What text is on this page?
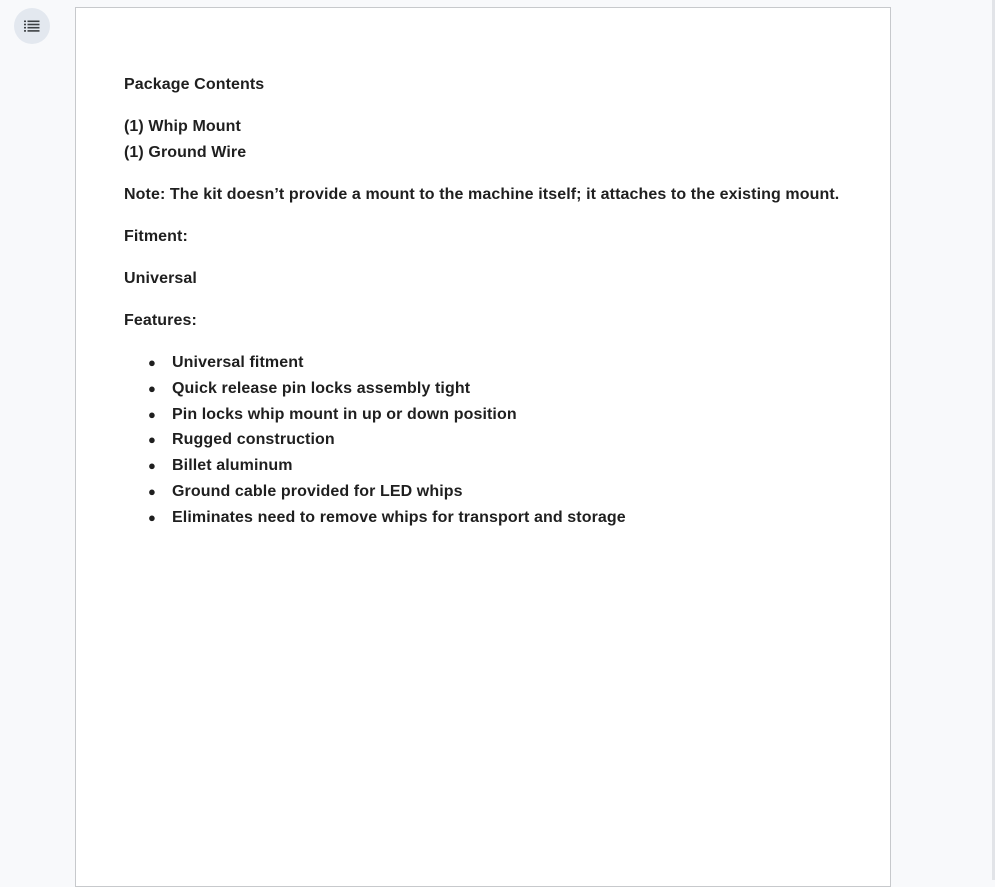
Package Contents

(1) Whip Mount

(1) Ground Wire

Note: The kit doesn’t provide a mount to the machine itself; it attaches to the existing mount.

Fitment:

Universal

Features:

● Universal fitment
● Quick release pin locks assembly tight
● Pin locks whip mount in up or down position
● Rugged construction
● Billet aluminum
● Ground cable provided for LED whips
● Eliminates need to remove whips for transport and storage
